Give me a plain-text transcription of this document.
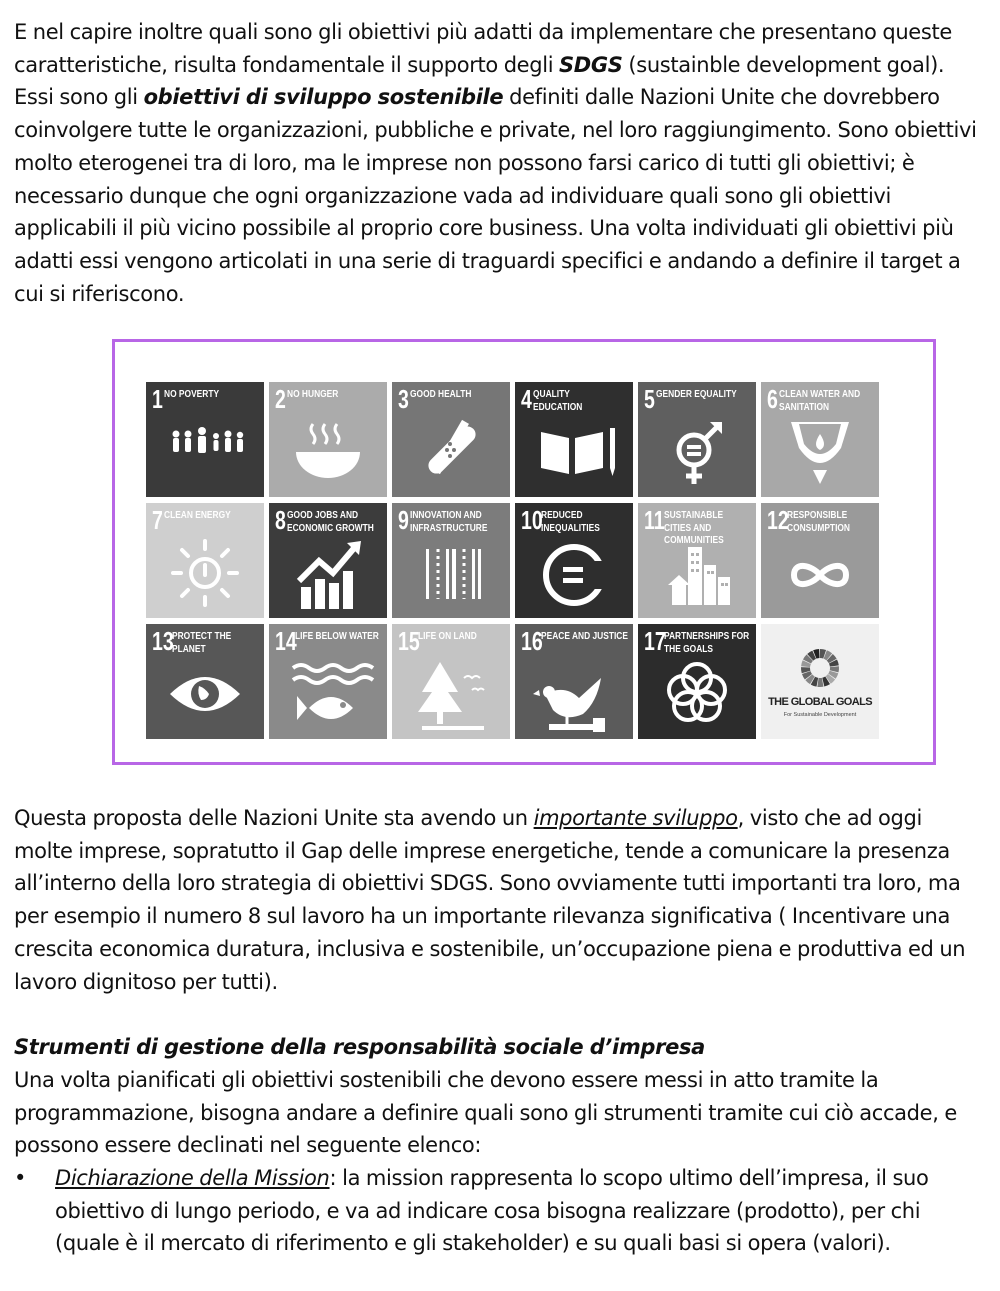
E nel capire inoltre quali sono gli obiettivi più adatti da implementare che presentano queste caratteristiche, risulta fondamentale il supporto degli SDGS (sustainble development goal). Essi sono gli obiettivi di sviluppo sostenibile definiti dalle Nazioni Unite che dovrebbero coinvolgere tutte le organizzazioni, pubbliche e private, nel loro raggiungimento. Sono obiettivi molto eterogenei tra di loro, ma le imprese non possono farsi carico di tutti gli obiettivi; è necessario dunque che ogni organizzazione vada ad individuare quali sono gli obiettivi applicabili il più vicino possibile al proprio core business. Una volta individuati gli obiettivi più adatti essi vengono articolati in una serie di traguardi specifici e andando a definire il target a cui si riferiscono.

1 NO POVERTY	2 NO HUNGER	3 GOOD HEALTH	4 QUALITY EDUCATION	5 GENDER EQUALITY 6 CLEAN WATER AND SANITATION
7 CLEAN ENERGY	8 GOOD JOBS AND ECONOMIC GROWTH 9 INNOVATION AND INFRASTRUCTURE	10
REDUCED INEQUALITIES	11 SUSTAINABLE CITIES AND COMMUNITIES
12
RESPONSIBLE CONSUMPTION
13
PROTECT THE PLANET	14
LIFE BELOW WATER 15
LIFE ON LAND	16
PEACE AND JUSTICE 17
PARTNERSHIPS FOR THE GOALS
THE GLOBAL GOALS
For Sustainable Development

Questa proposta delle Nazioni Unite sta avendo un importante sviluppo, visto che ad oggi molte imprese, sopratutto il Gap delle imprese energetiche, tende a comunicare la presenza all’interno della loro strategia di obiettivi SDGS. Sono ovviamente tutti importanti tra loro, ma per esempio il numero 8 sul lavoro ha un importante rilevanza significativa ( Incentivare una crescita economica duratura, inclusiva e sostenibile, un’occupazione piena e produttiva ed un lavoro dignitoso per tutti).

Strumenti di gestione della responsabilità sociale d’impresa

Una volta pianificati gli obiettivi sostenibili che devono essere messi in atto tramite la programmazione, bisogna andare a definire quali sono gli strumenti tramite cui ciò accade, e possono essere declinati nel seguente elenco:

• Dichiarazione della Mission: la mission rappresenta lo scopo ultimo dell’impresa, il suo obiettivo di lungo periodo, e va ad indicare cosa bisogna realizzare (prodotto), per chi (quale è il mercato di riferimento e gli stakeholder) e su quali basi si opera (valori).
